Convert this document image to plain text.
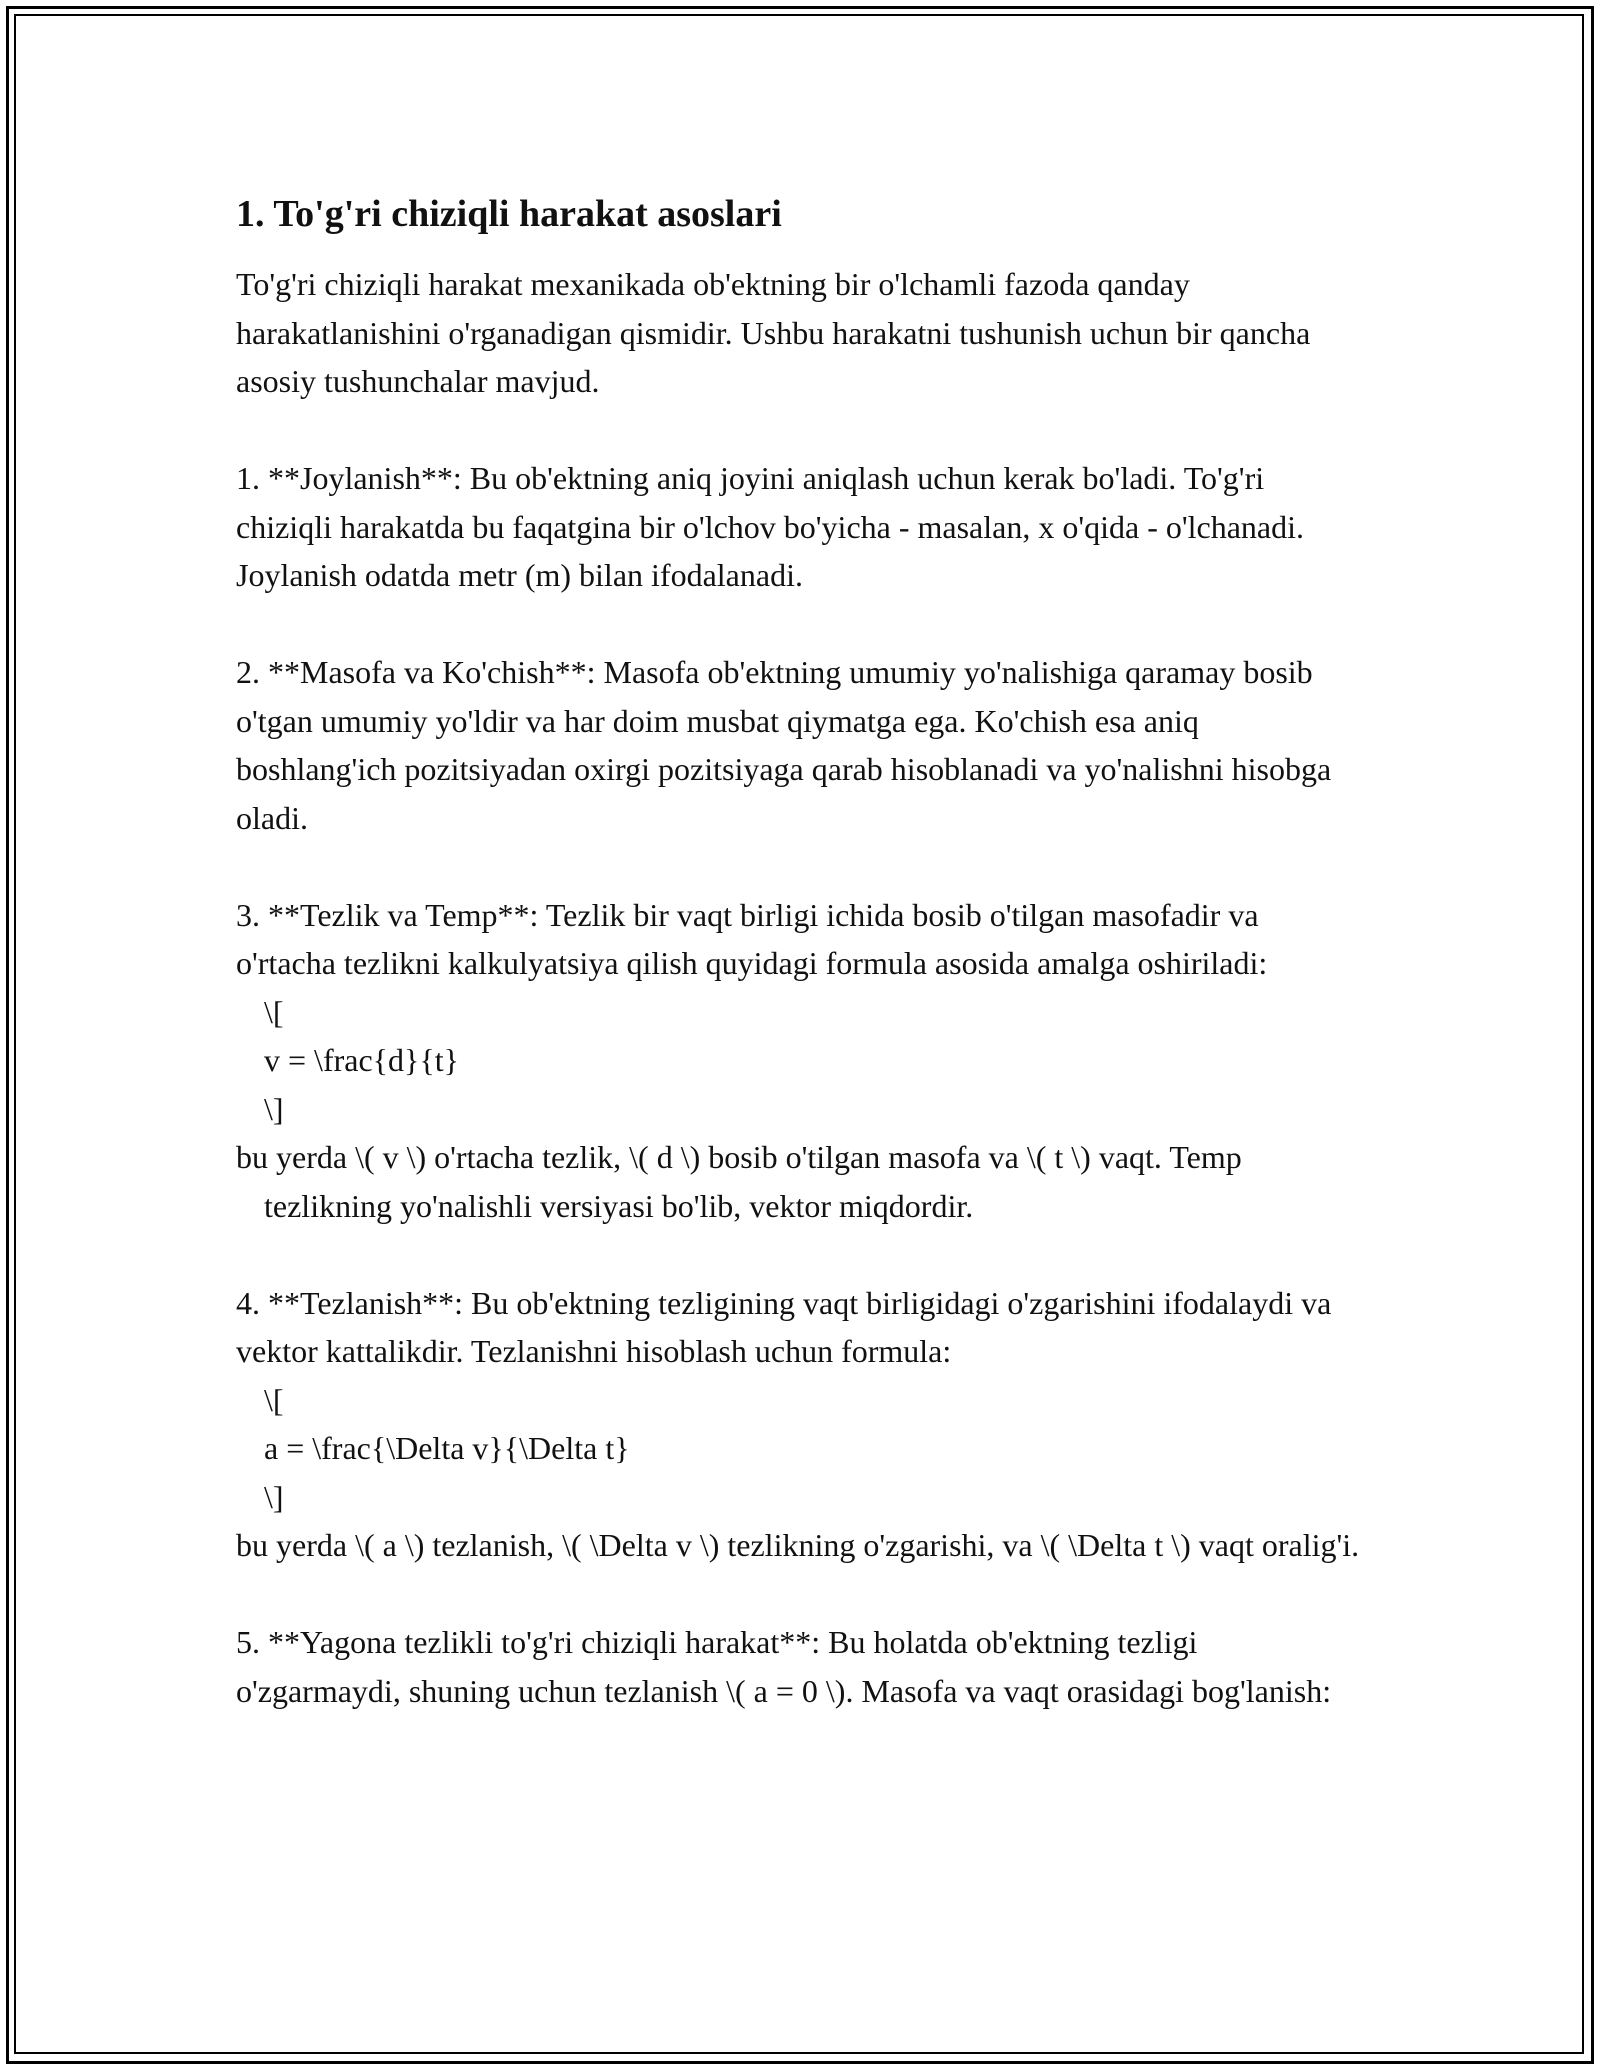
1. To'g'ri chiziqli harakat asoslari

To'g'ri chiziqli harakat mexanikada ob'ektning bir o'lchamli fazoda qanday harakatlanishini o'rganadigan qismidir. Ushbu harakatni tushunish uchun bir qancha asosiy tushunchalar mavjud.

1. **Joylanish**: Bu ob'ektning aniq joyini aniqlash uchun kerak bo'ladi. To'g'ri chiziqli harakatda bu faqatgina bir o'lchov bo'yicha - masalan, x o'qida - o'lchanadi. Joylanish odatda metr (m) bilan ifodalanadi.

2. **Masofa va Ko'chish**: Masofa ob'ektning umumiy yo'nalishiga qaramay bosib o'tgan umumiy yo'ldir va har doim musbat qiymatga ega. Ko'chish esa aniq boshlang'ich pozitsiyadan oxirgi pozitsiyaga qarab hisoblanadi va yo'nalishni hisobga oladi.

3. **Tezlik va Temp**: Tezlik bir vaqt birligi ichida bosib o'tilgan masofadir va o'rtacha tezlikni kalkulyatsiya qilish quyidagi formula asosida amalga oshiriladi:

\[

v = \frac{d}{t}

\]

bu yerda \( v \) o'rtacha tezlik, \( d \) bosib o'tilgan masofa va \( t \) vaqt. Temp tezlikning yo'nalishli versiyasi bo'lib, vektor miqdordir.

4. **Tezlanish**: Bu ob'ektning tezligining vaqt birligidagi o'zgarishini ifodalaydi va vektor kattalikdir. Tezlanishni hisoblash uchun formula:

\[

a = \frac{\Delta v}{\Delta t}

\]

bu yerda \( a \) tezlanish, \( \Delta v \) tezlikning o'zgarishi, va \( \Delta t \) vaqt oralig'i.

5. **Yagona tezlikli to'g'ri chiziqli harakat**: Bu holatda ob'ektning tezligi o'zgarmaydi, shuning uchun tezlanish \( a = 0 \). Masofa va vaqt orasidagi bog'lanish:
